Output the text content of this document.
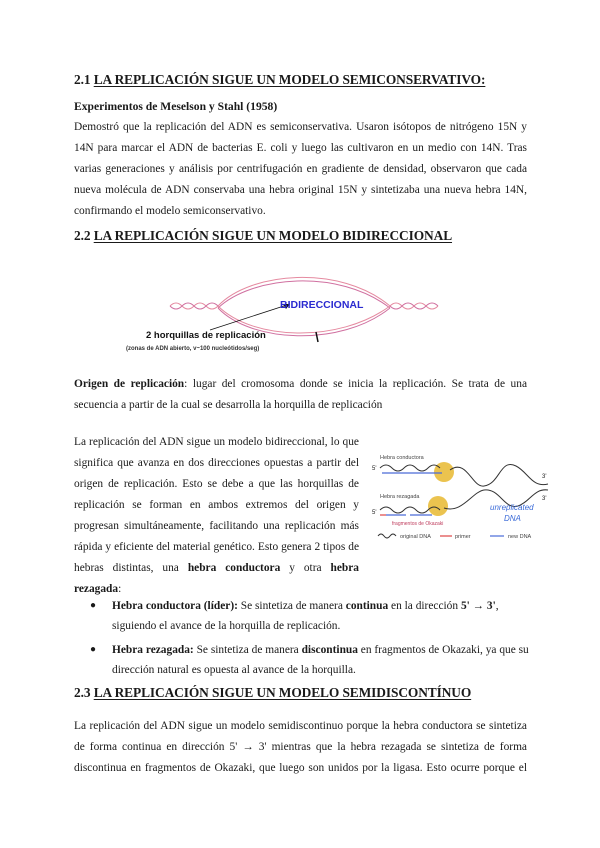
2.1 LA REPLICACIÓN SIGUE UN MODELO SEMICONSERVATIVO:
Experimentos de Meselson y Stahl (1958)
Demostró que la replicación del ADN es semiconservativa. Usaron isótopos de nitrógeno 15N y
14N para marcar el ADN de bacterias E. coli y luego las cultivaron en un medio con 14N. Tras
varias generaciones y análisis por centrifugación en gradiente de densidad, observaron que cada
nueva molécula de ADN conservaba una hebra original 15N y sintetizaba una nueva hebra 14N,
confirmando el modelo semiconservativo.
2.2 LA REPLICACIÓN SIGUE UN MODELO BIDIRECCIONAL
BIDIRECCIONAL
2 horquillas de replicación
(zonas de ADN abierto, v~100 nucleótidos/seg)
Origen de replicación: lugar del cromosoma donde se inicia la replicación. Se trata de una
secuencia a partir de la cual se desarrolla la horquilla de replicación
La replicación del ADN sigue un modelo bidireccional, lo que
significa que avanza en dos direcciones opuestas a partir del
origen de replicación. Esto se debe a que las horquillas de
replicación se forman en ambos extremos del origen y
progresan simultáneamente, facilitando una replicación más
rápida y eficiente del material genético. Esto genera 2 tipos de
hebras distintas, una hebra conductora y otra hebra
rezagada:
Hebra conductora
Hebra rezagada
fragmentos de Okazaki
unreplicated
DNA
5'
5'
3'
3'
original DNA	primer	new DNA
● Hebra conductora (líder): Se sintetiza de manera continua en la dirección 5' → 3',
siguiendo el avance de la horquilla de replicación.
● Hebra rezagada: Se sintetiza de manera discontinua en fragmentos de Okazaki, ya que su
dirección natural es opuesta al avance de la horquilla.
2.3 LA REPLICACIÓN SIGUE UN MODELO SEMIDISCONTÍNUO
La replicación del ADN sigue un modelo semidiscontinuo porque la hebra conductora se sintetiza
de forma continua en dirección 5' → 3' mientras que la hebra rezagada se sintetiza de forma
discontinua en fragmentos de Okazaki, que luego son unidos por la ligasa. Esto ocurre porque el
